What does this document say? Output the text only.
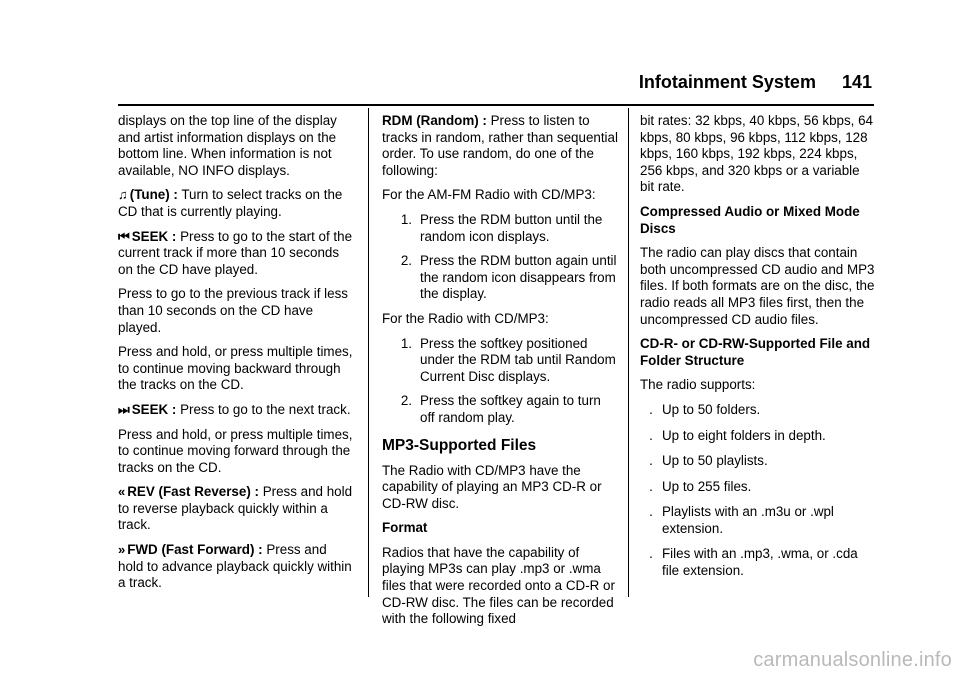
Infotainment System 141

displays on the top line of the display and artist information displays on the bottom line. When information is not available, NO INFO displays.

♫ (Tune) : Turn to select tracks on the CD that is currently playing.

⏮ SEEK : Press to go to the start of the current track if more than 10 seconds on the CD have played.

Press to go to the previous track if less than 10 seconds on the CD have played.

Press and hold, or press multiple times, to continue moving backward through the tracks on the CD.

⏭ SEEK : Press to go to the next track.

Press and hold, or press multiple times, to continue moving forward through the tracks on the CD.

« REV (Fast Reverse) : Press and hold to reverse playback quickly within a track.

» FWD (Fast Forward) : Press and hold to advance playback quickly within a track.

RDM (Random) : Press to listen to tracks in random, rather than sequential order. To use random, do one of the following:

For the AM-FM Radio with CD/MP3:

1. Press the RDM button until the random icon displays.
2. Press the RDM button again until the random icon disappears from the display.

For the Radio with CD/MP3:

1. Press the softkey positioned under the RDM tab until Random Current Disc displays.
2. Press the softkey again to turn off random play.
MP3-Supported Files

The Radio with CD/MP3 have the capability of playing an MP3 CD-R or CD-RW disc.

Format

Radios that have the capability of playing MP3s can play .mp3 or .wma files that were recorded onto a CD-R or CD-RW disc. The files can be recorded with the following fixed

bit rates: 32 kbps, 40 kbps, 56 kbps, 64 kbps, 80 kbps, 96 kbps, 112 kbps, 128 kbps, 160 kbps, 192 kbps, 224 kbps, 256 kbps, and 320 kbps or a variable bit rate.

Compressed Audio or Mixed Mode Discs

The radio can play discs that contain both uncompressed CD audio and MP3 files. If both formats are on the disc, the radio reads all MP3 files first, then the uncompressed CD audio files.

CD-R- or CD-RW-Supported File and Folder Structure

The radio supports:

. Up to 50 folders.
. Up to eight folders in depth.
. Up to 50 playlists.
. Up to 255 files.
. Playlists with an .m3u or .wpl extension.
. Files with an .mp3, .wma, or .cda file extension.
carmanualsonline.info
